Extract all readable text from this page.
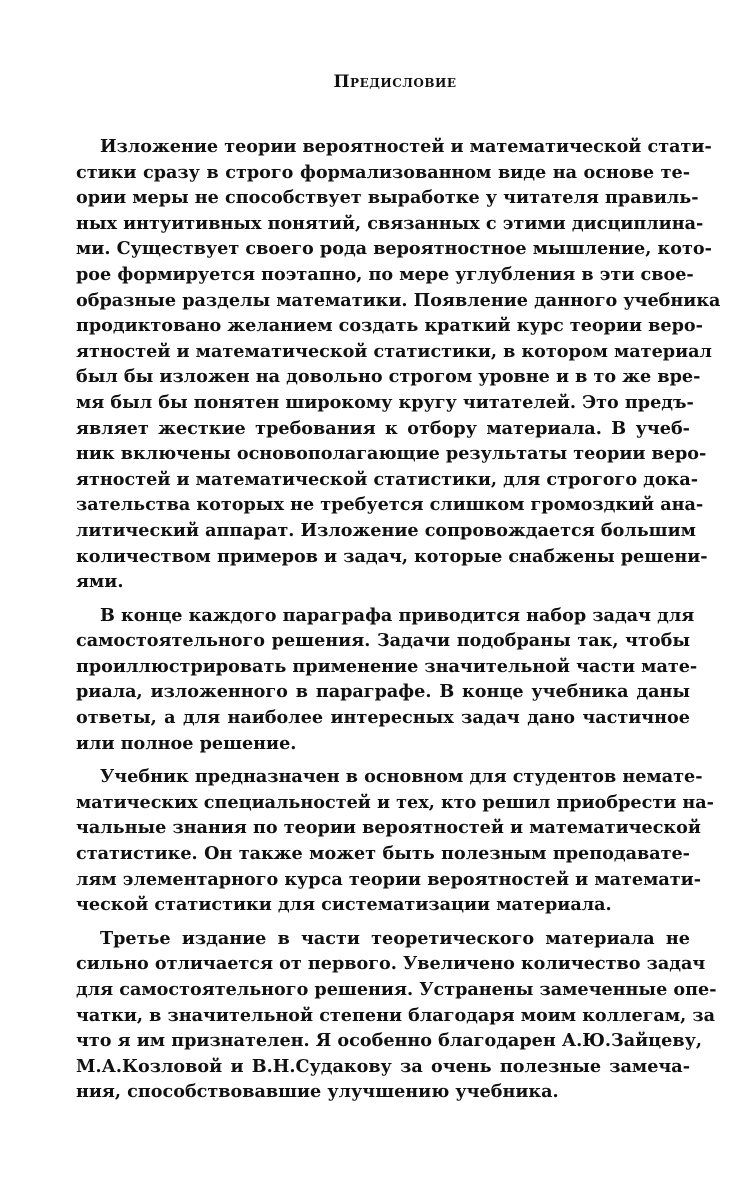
Предисловие
Изложение теории вероятностей и математической стати-
стики сразу в строго формализованном виде на основе те-
ории меры не способствует выработке у читателя правиль-
ных интуитивных понятий, связанных с этими дисциплина-
ми. Существует своего рода вероятностное мышление, кото-
рое формируется поэтапно, по мере углубления в эти свое-
образные разделы математики. Появление данного учебника
продиктовано желанием создать краткий курс теории веро-
ятностей и математической статистики, в котором материал
был бы изложен на довольно строгом уровне и в то же вре-
мя был бы понятен широкому кругу читателей. Это предъ-
являет жесткие требования к отбору материала. В учеб-
ник включены основополагающие результаты теории веро-
ятностей и математической статистики, для строгого дока-
зательства которых не требуется слишком громоздкий ана-
литический аппарат. Изложение сопровождается большим
количеством примеров и задач, которые снабжены решени-
ями.
В конце каждого параграфа приводится набор задач для
самостоятельного решения. Задачи подобраны так, чтобы
проиллюстрировать применение значительной части мате-
риала, изложенного в параграфе. В конце учебника даны
ответы, а для наиболее интересных задач дано частичное
или полное решение.
Учебник предназначен в основном для студентов немате-
матических специальностей и тех, кто решил приобрести на-
чальные знания по теории вероятностей и математической
статистике. Он также может быть полезным преподавате-
лям элементарного курса теории вероятностей и математи-
ческой статистики для систематизации материала.
Третье издание в части теоретического материала не
сильно отличается от первого. Увеличено количество задач
для самостоятельного решения. Устранены замеченные опе-
чатки, в значительной степени благодаря моим коллегам, за
что я им признателен. Я особенно благодарен А.Ю.Зайцеву,
М.А.Козловой и В.Н.Судакову за очень полезные замеча-
ния, способствовавшие улучшению учебника.
